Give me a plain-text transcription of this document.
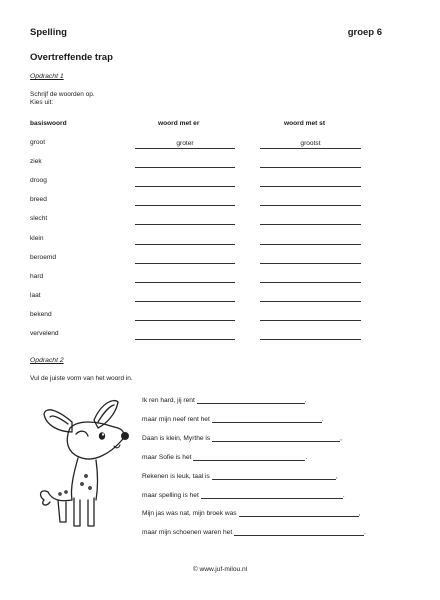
Spelling	groep 6
Overtreffende trap
Opdracht 1
Schrijf de woorden op.
Kies uit:
basiswoord	woord met er	woord met st
groot	groter	grootst
ziek
droog
breed
slecht
klein
beroemd
hard
laat
bekend
vervelend
Opdracht 2
Vul de juiste vorm van het woord in.
Ik ren hard, jij rent	.
maar mijn neef rent het	.
Daan is klein, Myrthe is	,
maar Sofie is het	.
Rekenen is leuk, taal is	,
maar spelling is het	.
Mijn jas was nat, mijn broek was	,
maar mijn schoenen waren het	.
© www.juf-milou.nl
